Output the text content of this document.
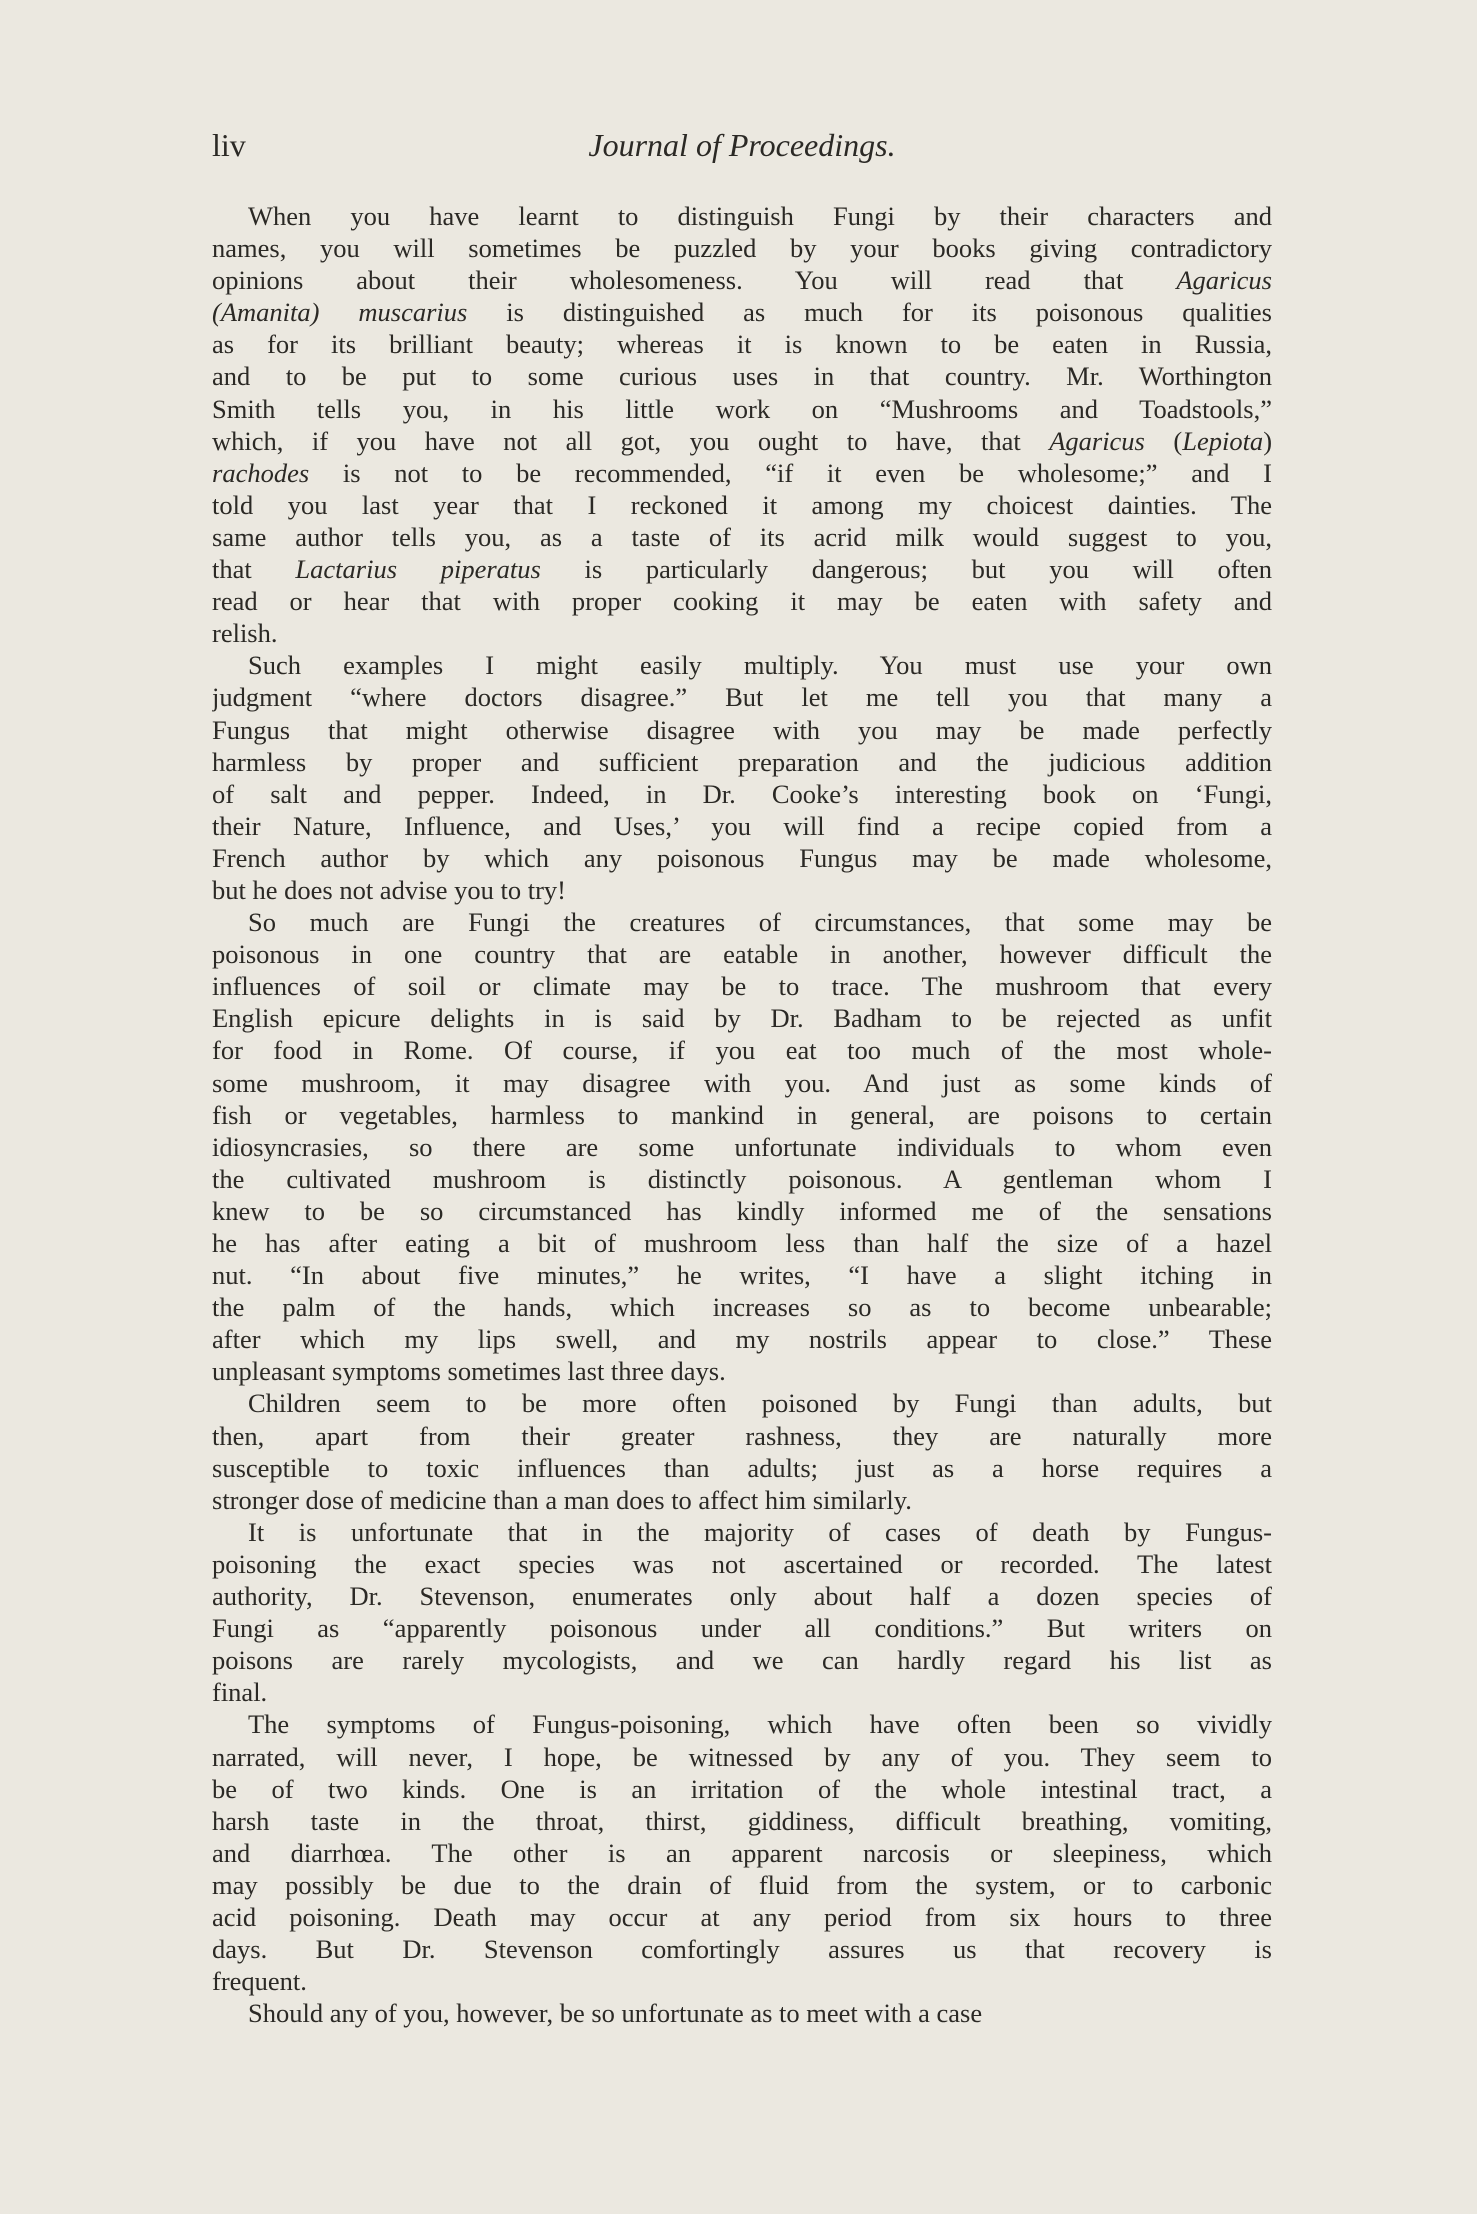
liv	Journal of Proceedings.
When you have learnt to distinguish Fungi by their characters and
names, you will sometimes be puzzled by your books giving contradictory
opinions about their wholesomeness. You will read that Agaricus
(Amanita) muscarius is distinguished as much for its poisonous qualities
as for its brilliant beauty; whereas it is known to be eaten in Russia,
and to be put to some curious uses in that country. Mr. Worthington
Smith tells you, in his little work on “Mushrooms and Toadstools,”
which, if you have not all got, you ought to have, that Agaricus (Lepiota)
rachodes is not to be recommended, “if it even be wholesome;” and I
told you last year that I reckoned it among my choicest dainties. The
same author tells you, as a taste of its acrid milk would suggest to you,
that Lactarius piperatus is particularly dangerous; but you will often
read or hear that with proper cooking it may be eaten with safety and
relish.
Such examples I might easily multiply. You must use your own
judgment “where doctors disagree.” But let me tell you that many a
Fungus that might otherwise disagree with you may be made perfectly
harmless by proper and sufficient preparation and the judicious addition
of salt and pepper. Indeed, in Dr. Cooke’s interesting book on ‘Fungi,
their Nature, Influence, and Uses,’ you will find a recipe copied from a
French author by which any poisonous Fungus may be made wholesome,
but he does not advise you to try!
So much are Fungi the creatures of circumstances, that some may be
poisonous in one country that are eatable in another, however difficult the
influences of soil or climate may be to trace. The mushroom that every
English epicure delights in is said by Dr. Badham to be rejected as unfit
for food in Rome. Of course, if you eat too much of the most whole-
some mushroom, it may disagree with you. And just as some kinds of
fish or vegetables, harmless to mankind in general, are poisons to certain
idiosyncrasies, so there are some unfortunate individuals to whom even
the cultivated mushroom is distinctly poisonous. A gentleman whom I
knew to be so circumstanced has kindly informed me of the sensations
he has after eating a bit of mushroom less than half the size of a hazel
nut. “In about five minutes,” he writes, “I have a slight itching in
the palm of the hands, which increases so as to become unbearable;
after which my lips swell, and my nostrils appear to close.” These
unpleasant symptoms sometimes last three days.
Children seem to be more often poisoned by Fungi than adults, but
then, apart from their greater rashness, they are naturally more
susceptible to toxic influences than adults; just as a horse requires a
stronger dose of medicine than a man does to affect him similarly.
It is unfortunate that in the majority of cases of death by Fungus-
poisoning the exact species was not ascertained or recorded. The latest
authority, Dr. Stevenson, enumerates only about half a dozen species of
Fungi as “apparently poisonous under all conditions.” But writers on
poisons are rarely mycologists, and we can hardly regard his list as
final.
The symptoms of Fungus-poisoning, which have often been so vividly
narrated, will never, I hope, be witnessed by any of you. They seem to
be of two kinds. One is an irritation of the whole intestinal tract, a
harsh taste in the throat, thirst, giddiness, difficult breathing, vomiting,
and diarrhœa. The other is an apparent narcosis or sleepiness, which
may possibly be due to the drain of fluid from the system, or to carbonic
acid poisoning. Death may occur at any period from six hours to three
days. But Dr. Stevenson comfortingly assures us that recovery is
frequent.
Should any of you, however, be so unfortunate as to meet with a case
